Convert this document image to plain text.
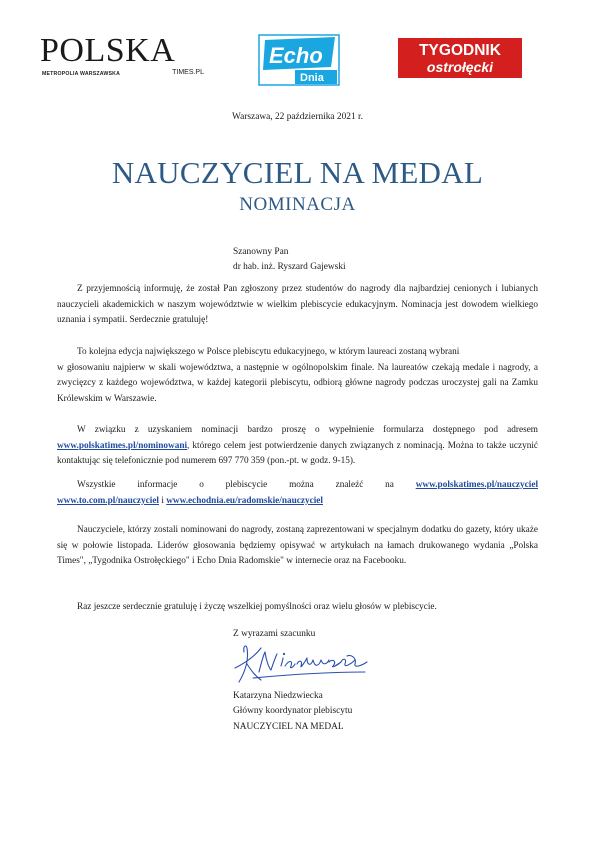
POLSKA
METROPOLIA WARSZAWSKA	TIMES.PL
Echo
Dnia
TYGODNIK
ostrołęcki
Warszawa, 22 października 2021 r.
NAUCZYCIEL NA MEDAL
NOMINACJA
Szanowny Pan
dr hab. inż. Ryszard Gajewski
Z przyjemnością informuję, że został Pan zgłoszony przez studentów do nagrody dla najbardziej cenionych i lubianych nauczycieli akademickich w naszym województwie w wielkim plebiscycie edukacyjnym. Nominacja jest dowodem wielkiego uznania i sympatii. Serdecznie gratuluję!
To kolejna edycja największego w Polsce plebiscytu edukacyjnego, w którym laureaci zostaną wybrani
w głosowaniu najpierw w skali województwa, a następnie w ogólnopolskim finale. Na laureatów czekają medale i nagrody, a zwycięzcy z każdego województwa, w każdej kategorii plebiscytu, odbiorą główne nagrody podczas uroczystej gali na Zamku Królewskim w Warszawie.
W związku z uzyskaniem nominacji bardzo proszę o wypełnienie formularza dostępnego pod adresem www.polskatimes.pl/nominowani, którego celem jest potwierdzenie danych związanych z nominacją. Można to także uczynić kontaktując się telefonicznie pod numerem 697 770 359 (pon.-pt. w godz. 9-15).
Wszystkie informacje o plebiscycie można znaleźć na www.polskatimes.pl/nauczyciel
www.to.com.pl/nauczyciel i www.echodnia.eu/radomskie/nauczyciel
Nauczyciele, którzy zostali nominowani do nagrody, zostaną zaprezentowani w specjalnym dodatku do gazety, który ukaże się w połowie listopada. Liderów głosowania będziemy opisywać w artykułach na łamach drukowanego wydania „Polska Times", „Tygodnika Ostrołęckiego" i Echo Dnia Radomskie" w internecie oraz na Facebooku.
Raz jeszcze serdecznie gratuluję i życzę wszelkiej pomyślności oraz wielu głosów w plebiscycie.
Z wyrazami szacunku
Katarzyna Niedzwiecka
Główny koordynator plebiscytu
NAUCZYCIEL NA MEDAL
